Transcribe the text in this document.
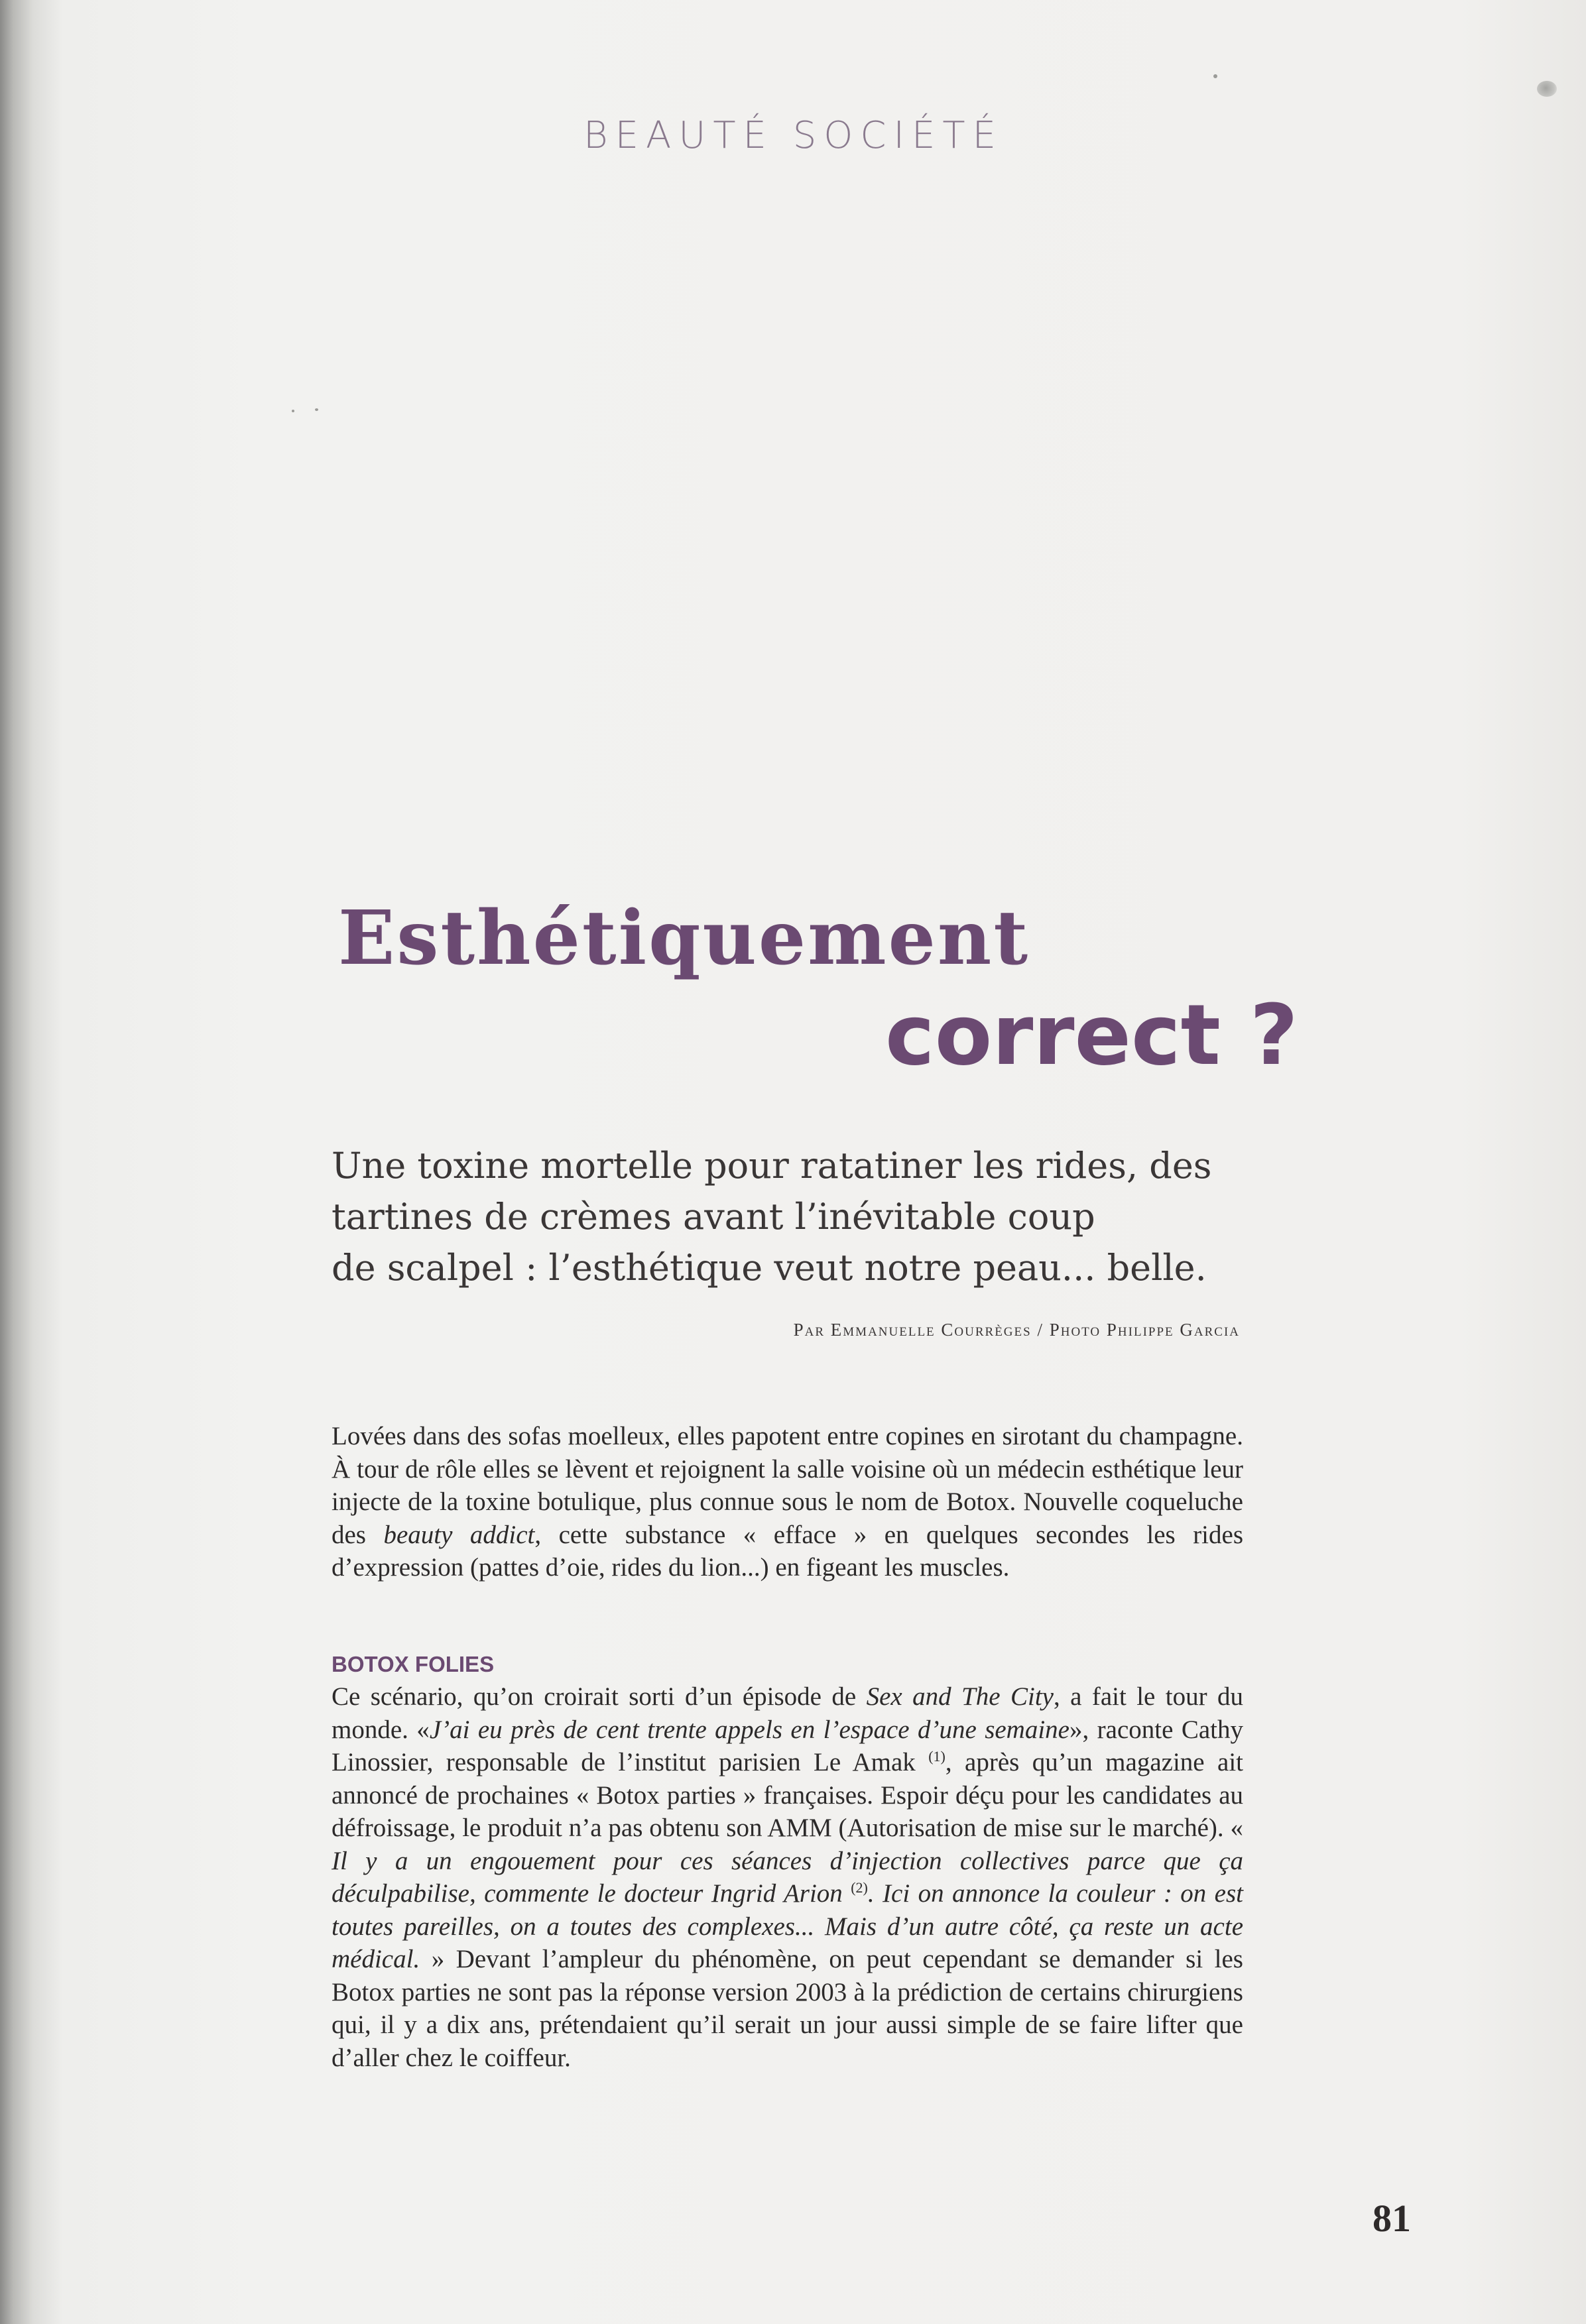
BEAUTÉ SOCIÉTÉ
Esthétiquement
correct ?
Une toxine mortelle pour ratatiner les rides, des
tartines de crèmes avant l’inévitable coup
de scalpel : l’esthétique veut notre peau... belle.
Par Emmanuelle Courrèges / Photo Philippe Garcia
Lovées dans des sofas moelleux, elles papotent entre copines en sirotant du champagne. À tour de rôle elles se lèvent et rejoignent la salle voisine où un médecin esthétique leur injecte de la toxine botulique, plus connue sous le nom de Botox. Nouvelle coqueluche des beauty addict, cette substance « efface » en quelques secondes les rides d’expression (pattes d’oie, rides du lion...) en figeant les muscles.
BOTOX FOLIES
Ce scénario, qu’on croirait sorti d’un épisode de Sex and The City, a fait le tour du monde. «J’ai eu près de cent trente appels en l’espace d’une semaine», raconte Cathy Linossier, responsable de l’institut parisien Le Amak $^{(1)}$, après qu’un magazine ait annoncé de prochaines « Botox parties » françaises. Espoir déçu pour les candidates au défroissage, le produit n’a pas obtenu son AMM (Autorisation de mise sur le marché). « Il y a un engouement pour ces séances d’injection collectives parce que ça déculpabilise, commente le docteur Ingrid Arion $^{(2)}$. Ici on annonce la couleur : on est toutes pareilles, on a toutes des complexes... Mais d’un autre côté, ça reste un acte médical. » Devant l’ampleur du phénomène, on peut cependant se demander si les Botox parties ne sont pas la réponse version 2003 à la prédiction de certains chirurgiens qui, il y a dix ans, prétendaient qu’il serait un jour aussi simple de se faire lifter que d’aller chez le coiffeur.
81
